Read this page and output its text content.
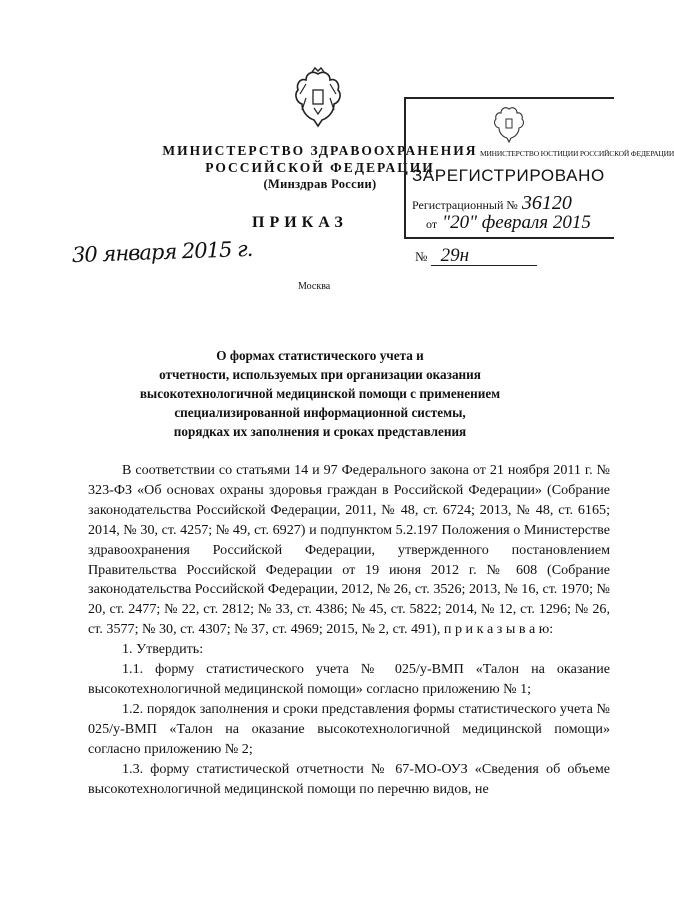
МИНИСТЕРСТВО ЗДРАВООХРАНЕНИЯ
РОССИЙСКОЙ ФЕДЕРАЦИИ
(Минздрав России)
ПРИКАЗ
30 января 2015 г.	№ 29н
Москва
МИНИСТЕРСТВО ЮСТИЦИИ РОССИЙСКОЙ ФЕДЕРАЦИИ
ЗАРЕГИСТРИРОВАНО
Регистрационный № 36120
от "20" февраля 2015
О формах статистического учета и
отчетности, используемых при организации оказания
высокотехнологичной медицинской помощи с применением
специализированной информационной системы,
порядках их заполнения и сроках представления

В соответствии со статьями 14 и 97 Федерального закона от 21 ноября 2011 г. № 323-ФЗ «Об основах охраны здоровья граждан в Российской Федерации» (Собрание законодательства Российской Федерации, 2011, № 48, ст. 6724; 2013, № 48, ст. 6165; 2014, № 30, ст. 4257; № 49, ст. 6927) и подпунктом 5.2.197 Положения о Министерстве здравоохранения Российской Федерации, утвержденного постановлением Правительства Российской Федерации от 19 июня 2012 г. № 608 (Собрание законодательства Российской Федерации, 2012, № 26, ст. 3526; 2013, № 16, ст. 1970; № 20, ст. 2477; № 22, ст. 2812; № 33, ст. 4386; № 45, ст. 5822; 2014, № 12, ст. 1296; № 26, ст. 3577; № 30, ст. 4307; № 37, ст. 4969; 2015, № 2, ст. 491), п р и к а з ы в а ю:

1. Утвердить:

1.1. форму статистического учета № 025/у-ВМП «Талон на оказание высокотехнологичной медицинской помощи» согласно приложению № 1;

1.2. порядок заполнения и сроки представления формы статистического учета № 025/у-ВМП «Талон на оказание высокотехнологичной медицинской помощи» согласно приложению № 2;

1.3. форму статистической отчетности № 67-МО-ОУЗ «Сведения об объеме высокотехнологичной медицинской помощи по перечню видов, не
